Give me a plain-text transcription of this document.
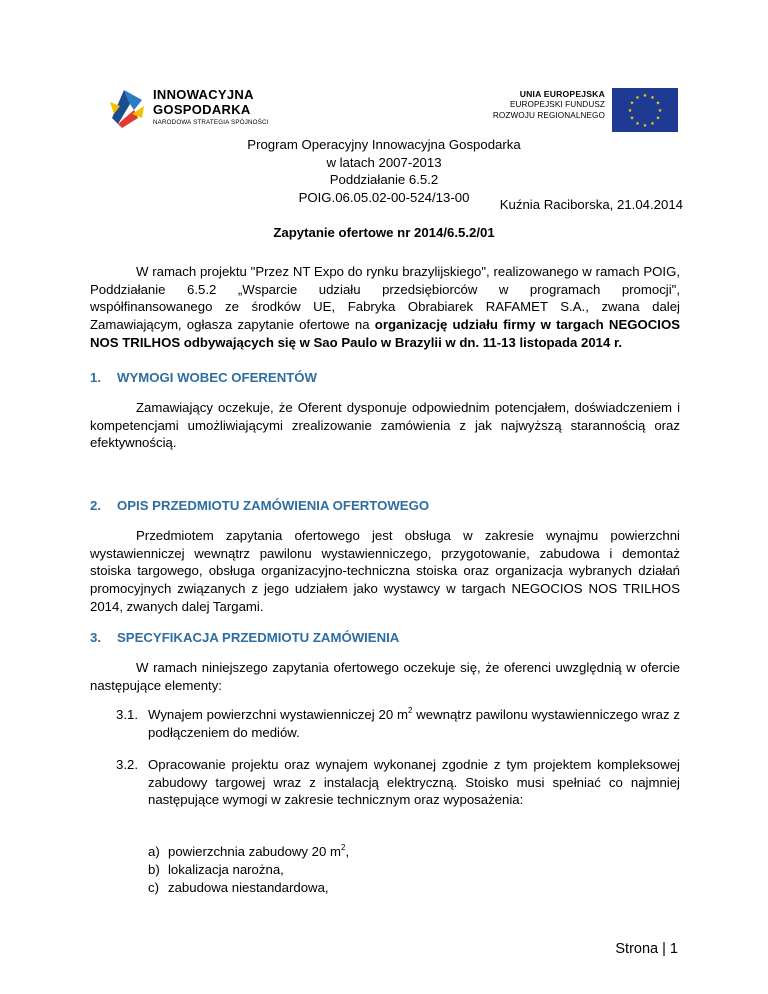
INNOWACYJNA
GOSPODARKA
NARODOWA STRATEGIA SPÓJNOŚCI
UNIA EUROPEJSKA
EUROPEJSKI FUNDUSZ
ROZWOJU REGIONALNEGO
★ ★
★
★
★
★
★
★
★
★
★
★
Program Operacyjny Innowacyjna Gospodarka
w latach 2007-2013
Poddziałanie 6.5.2
POIG.06.05.02-00-524/13-00	Kuźnia Raciborska, 21.04.2014
Zapytanie ofertowe nr 2014/6.5.2/01
W ramach projektu "Przez NT Expo do rynku brazylijskiego", realizowanego w ramach POIG, Poddziałanie 6.5.2 „Wsparcie udziału przedsiębiorców w programach promocji", współfinansowanego ze środków UE, Fabryka Obrabiarek RAFAMET S.A., zwana dalej Zamawiającym, ogłasza zapytanie ofertowe na organizację udziału firmy w targach NEGOCIOS NOS TRILHOS odbywających się w Sao Paulo w Brazylii w dn. 11-13 listopada 2014 r.
1. WYMOGI WOBEC OFERENTÓW
Zamawiający oczekuje, że Oferent dysponuje odpowiednim potencjałem, doświadczeniem i kompetencjami umożliwiającymi zrealizowanie zamówienia z jak najwyższą starannością oraz efektywnością.
2. OPIS PRZEDMIOTU ZAMÓWIENIA OFERTOWEGO
Przedmiotem zapytania ofertowego jest obsługa w zakresie wynajmu powierzchni wystawienniczej wewnątrz pawilonu wystawienniczego, przygotowanie, zabudowa i demontaż stoiska targowego, obsługa organizacyjno-techniczna stoiska oraz organizacja wybranych działań promocyjnych związanych z jego udziałem jako wystawcy w targach NEGOCIOS NOS TRILHOS 2014, zwanych dalej Targami.
3. SPECYFIKACJA PRZEDMIOTU ZAMÓWIENIA
W ramach niniejszego zapytania ofertowego oczekuje się, że oferenci uwzględnią w ofercie następujące elementy:
3.1. Wynajem powierzchni wystawienniczej 20 $m^2$ wewnątrz pawilonu wystawienniczego wraz z podłączeniem do mediów.
3.2. Opracowanie projektu oraz wynajem wykonanej zgodnie z tym projektem kompleksowej zabudowy targowej wraz z instalacją elektryczną. Stoisko musi spełniać co najmniej następujące wymogi w zakresie technicznym oraz wyposażenia:
a) powierzchnia zabudowy 20 $m^2$,
b) lokalizacja narożna,
c) zabudowa niestandardowa,
Strona | 1
